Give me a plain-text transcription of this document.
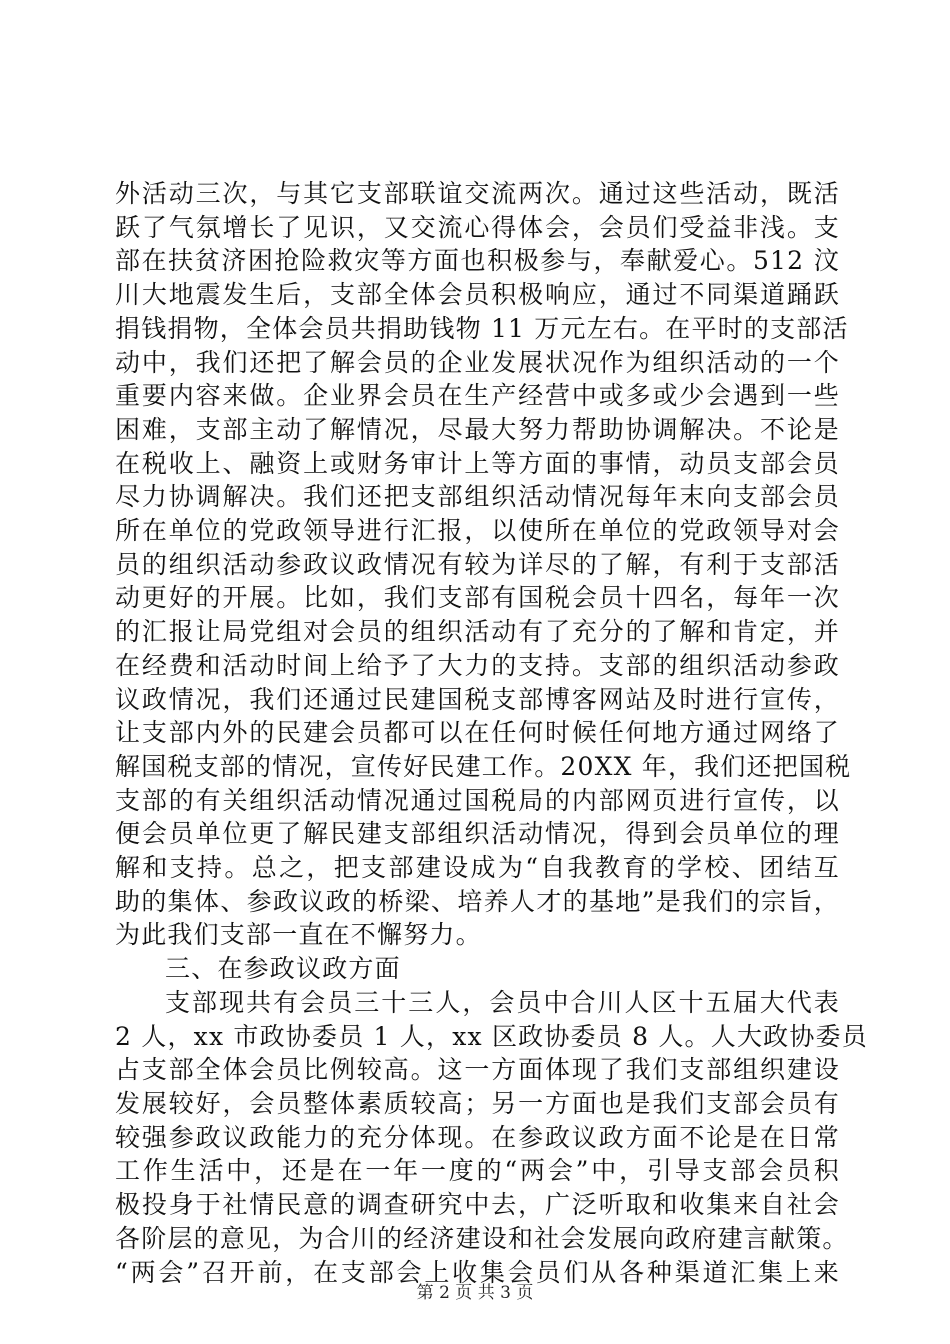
外活动三次，与其它支部联谊交流两次。通过这些活动，既活
跃了气氛增长了见识，又交流心得体会，会员们受益非浅。支
部在扶贫济困抢险救灾等方面也积极参与，奉献爱心。512 汶
川大地震发生后，支部全体会员积极响应，通过不同渠道踊跃
捐钱捐物，全体会员共捐助钱物 11 万元左右。在平时的支部活
动中，我们还把了解会员的企业发展状况作为组织活动的一个
重要内容来做。企业界会员在生产经营中或多或少会遇到一些
困难，支部主动了解情况，尽最大努力帮助协调解决。不论是
在税收上、融资上或财务审计上等方面的事情，动员支部会员
尽力协调解决。我们还把支部组织活动情况每年末向支部会员
所在单位的党政领导进行汇报，以使所在单位的党政领导对会
员的组织活动参政议政情况有较为详尽的了解，有利于支部活
动更好的开展。比如，我们支部有国税会员十四名，每年一次
的汇报让局党组对会员的组织活动有了充分的了解和肯定，并
在经费和活动时间上给予了大力的支持。支部的组织活动参政
议政情况，我们还通过民建国税支部博客网站及时进行宣传，
让支部内外的民建会员都可以在任何时候任何地方通过网络了
解国税支部的情况，宣传好民建工作。20XX 年，我们还把国税
支部的有关组织活动情况通过国税局的内部网页进行宣传，以
便会员单位更了解民建支部组织活动情况，得到会员单位的理
解和支持。总之，把支部建设成为“自我教育的学校、团结互
助的集体、参政议政的桥梁、培养人才的基地”是我们的宗旨，
为此我们支部一直在不懈努力。
三、在参政议政方面
支部现共有会员三十三人，会员中合川人区十五届大代表
2 人，xx 市政协委员 1 人，xx 区政协委员 8 人。人大政协委员
占支部全体会员比例较高。这一方面体现了我们支部组织建设
发展较好，会员整体素质较高；另一方面也是我们支部会员有
较强参政议政能力的充分体现。在参政议政方面不论是在日常
工作生活中，还是在一年一度的“两会”中，引导支部会员积
极投身于社情民意的调查研究中去，广泛听取和收集来自社会
各阶层的意见，为合川的经济建设和社会发展向政府建言献策。
“两会”召开前，在支部会上收集会员们从各种渠道汇集上来
第 2 页 共 3 页
